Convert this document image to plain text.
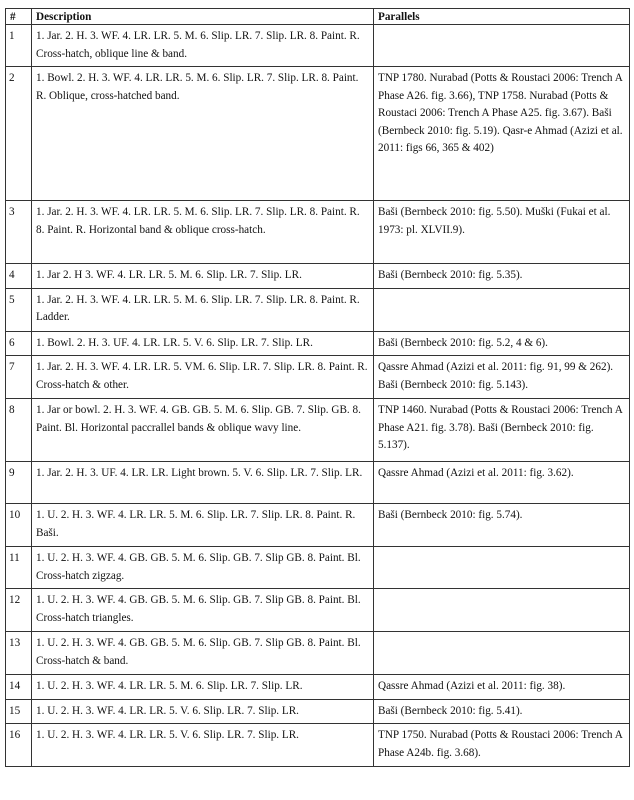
#	Description	Parallels
1	1. Jar. 2. H. 3. WF. 4. LR. LR. 5. M. 6. Slip. LR. 7. Slip. LR. 8. Paint. R. Cross-hatch, oblique line & band.	
2	1. Bowl. 2. H. 3. WF. 4. LR. LR. 5. M. 6. Slip. LR. 7. Slip. LR. 8. Paint. R. Oblique, cross-hatched band.	TNP 1780. Nurabad (Potts & Roustaci 2006: Trench A Phase A26. fig. 3.66), TNP 1758. Nurabad (Potts & Roustaci 2006: Trench A Phase A25. fig. 3.67). Baši (Bernbeck 2010: fig. 5.19). Qasr-e Ahmad (Azizi et al. 2011: figs 66, 365 & 402)
3	1. Jar. 2. H. 3. WF. 4. LR. LR. 5. M. 6. Slip. LR. 7. Slip. LR. 8. Paint. R. 8. Paint. R. Horizontal band & oblique cross-hatch.	Baši (Bernbeck 2010: fig. 5.50). Muški (Fukai et al. 1973: pl. XLVII.9).
4	1. Jar 2. H 3. WF. 4. LR. LR. 5. M. 6. Slip. LR. 7. Slip. LR.	Baši (Bernbeck 2010: fig. 5.35).
5	1. Jar. 2. H. 3. WF. 4. LR. LR. 5. M. 6. Slip. LR. 7. Slip. LR. 8. Paint. R. Ladder.	
6	1. Bowl. 2. H. 3. UF. 4. LR. LR. 5. V. 6. Slip. LR. 7. Slip. LR.	Baši (Bernbeck 2010: fig. 5.2, 4 & 6).
7	1. Jar. 2. H. 3. WF. 4. LR. LR. 5. VM. 6. Slip. LR. 7. Slip. LR. 8. Paint. R. Cross-hatch & other.	Qassre Ahmad (Azizi et al. 2011: fig. 91, 99 & 262). Baši (Bernbeck 2010: fig. 5.143).
8	1. Jar or bowl. 2. H. 3. WF. 4. GB. GB. 5. M. 6. Slip. GB. 7. Slip. GB. 8. Paint. Bl. Horizontal paccrallel bands & oblique wavy line.	TNP 1460. Nurabad (Potts & Roustaci 2006: Trench A Phase A21. fig. 3.78). Baši (Bernbeck 2010: fig. 5.137).
9	1. Jar. 2. H. 3. UF. 4. LR. LR. Light brown. 5. V. 6. Slip. LR. 7. Slip. LR.	Qassre Ahmad (Azizi et al. 2011: fig. 3.62).
10	1. U. 2. H. 3. WF. 4. LR. LR. 5. M. 6. Slip. LR. 7. Slip. LR. 8. Paint. R. Baši.	Baši (Bernbeck 2010: fig. 5.74).
11	1. U. 2. H. 3. WF. 4. GB. GB. 5. M. 6. Slip. GB. 7. Slip GB. 8. Paint. Bl. Cross-hatch zigzag.	
12	1. U. 2. H. 3. WF. 4. GB. GB. 5. M. 6. Slip. GB. 7. Slip GB. 8. Paint. Bl. Cross-hatch triangles.	
13	1. U. 2. H. 3. WF. 4. GB. GB. 5. M. 6. Slip. GB. 7. Slip GB. 8. Paint. Bl. Cross-hatch & band.	
14	1. U. 2. H. 3. WF. 4. LR. LR. 5. M. 6. Slip. LR. 7. Slip. LR.	Qassre Ahmad (Azizi et al. 2011: fig. 38).
15	1. U. 2. H. 3. WF. 4. LR. LR. 5. V. 6. Slip. LR. 7. Slip. LR.	Baši (Bernbeck 2010: fig. 5.41).
16	1. U. 2. H. 3. WF. 4. LR. LR. 5. V. 6. Slip. LR. 7. Slip. LR.	TNP 1750. Nurabad (Potts & Roustaci 2006: Trench A Phase A24b. fig. 3.68).
